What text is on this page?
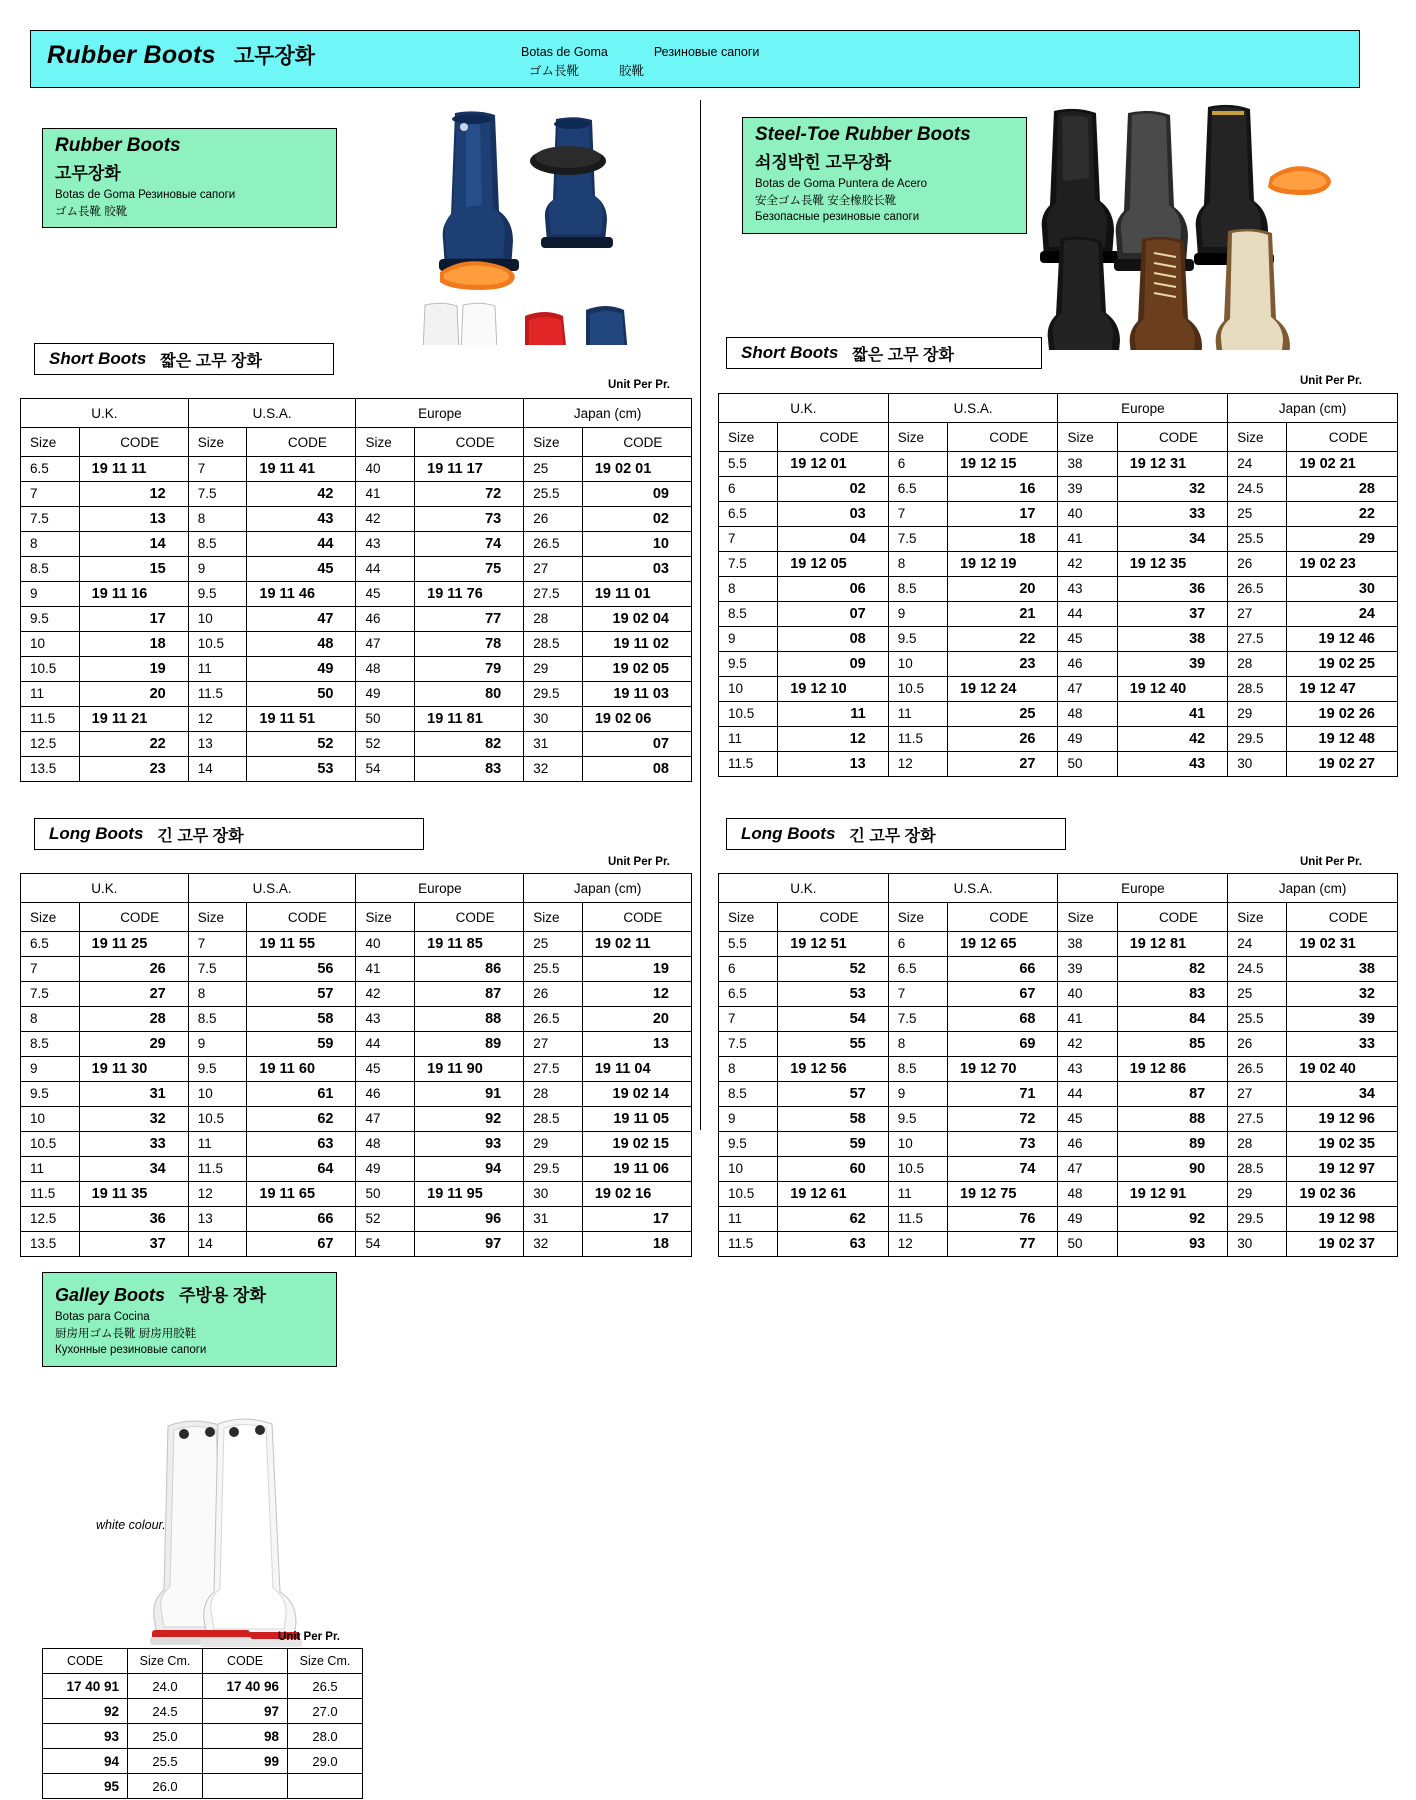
Rubber Boots 고무장화	Botas de Goma	Резиновые сапоги
ゴム長靴	胶靴
Rubber Boots
고무장화
Botas de Goma Резиновые сапоги
ゴム長靴 胶靴
Steel-Toe Rubber Boots
쇠징박힌 고무장화
Botas de Goma Puntera de Acero
安全ゴム長靴 安全橡胶长靴
Безопасные резиновые сапоги
Short Boots 짧은 고무 장화
Unit Per Pr.
U.K.		U.S.A.		Europe		Japan (cm)	
Size	CODE	Size	CODE	Size	CODE	Size	CODE
6.5	19 11 11	7	19 11 41	40	19 11 17	25	19 02 01
7	12	7.5	42	41	72	25.5	09
7.5	13	8	43	42	73	26	02
8	14	8.5	44	43	74	26.5	10
8.5	15	9	45	44	75	27	03
9	19 11 16	9.5	19 11 46	45	19 11 76	27.5	19 11 01
9.5	17	10	47	46	77	28	19 02 04
10	18	10.5	48	47	78	28.5	19 11 02
10.5	19	11	49	48	79	29	19 02 05
11	20	11.5	50	49	80	29.5	19 11 03
11.5	19 11 21	12	19 11 51	50	19 11 81	30	19 02 06
12.5	22	13	52	52	82	31	07
13.5	23	14	53	54	83	32	08
Short Boots 짧은 고무 장화
Unit Per Pr.
U.K.		U.S.A.		Europe		Japan (cm)	
Size	CODE	Size	CODE	Size	CODE	Size	CODE
5.5	19 12 01	6	19 12 15	38	19 12 31	24	19 02 21
6	02	6.5	16	39	32	24.5	28
6.5	03	7	17	40	33	25	22
7	04	7.5	18	41	34	25.5	29
7.5	19 12 05	8	19 12 19	42	19 12 35	26	19 02 23
8	06	8.5	20	43	36	26.5	30
8.5	07	9	21	44	37	27	24
9	08	9.5	22	45	38	27.5	19 12 46
9.5	09	10	23	46	39	28	19 02 25
10	19 12 10	10.5	19 12 24	47	19 12 40	28.5	19 12 47
10.5	11	11	25	48	41	29	19 02 26
11	12	11.5	26	49	42	29.5	19 12 48
11.5	13	12	27	50	43	30	19 02 27
Long Boots 긴 고무 장화
Unit Per Pr.
U.K.		U.S.A.		Europe		Japan (cm)	
Size	CODE	Size	CODE	Size	CODE	Size	CODE
6.5	19 11 25	7	19 11 55	40	19 11 85	25	19 02 11
7	26	7.5	56	41	86	25.5	19
7.5	27	8	57	42	87	26	12
8	28	8.5	58	43	88	26.5	20
8.5	29	9	59	44	89	27	13
9	19 11 30	9.5	19 11 60	45	19 11 90	27.5	19 11 04
9.5	31	10	61	46	91	28	19 02 14
10	32	10.5	62	47	92	28.5	19 11 05
10.5	33	11	63	48	93	29	19 02 15
11	34	11.5	64	49	94	29.5	19 11 06
11.5	19 11 35	12	19 11 65	50	19 11 95	30	19 02 16
12.5	36	13	66	52	96	31	17
13.5	37	14	67	54	97	32	18
Long Boots 긴 고무 장화
Unit Per Pr.
U.K.		U.S.A.		Europe		Japan (cm)	
Size	CODE	Size	CODE	Size	CODE	Size	CODE
5.5	19 12 51	6	19 12 65	38	19 12 81	24	19 02 31
6	52	6.5	66	39	82	24.5	38
6.5	53	7	67	40	83	25	32
7	54	7.5	68	41	84	25.5	39
7.5	55	8	69	42	85	26	33
8	19 12 56	8.5	19 12 70	43	19 12 86	26.5	19 02 40
8.5	57	9	71	44	87	27	34
9	58	9.5	72	45	88	27.5	19 12 96
9.5	59	10	73	46	89	28	19 02 35
10	60	10.5	74	47	90	28.5	19 12 97
10.5	19 12 61	11	19 12 75	48	19 12 91	29	19 02 36
11	62	11.5	76	49	92	29.5	19 12 98
11.5	63	12	77	50	93	30	19 02 37
Galley Boots 주방용 장화
Botas para Cocina
厨房用ゴム長靴 厨房用胶鞋
Кухонные резиновые сапоги
white colour.
Unit Per Pr.
CODE	Size Cm.	CODE	Size Cm.
17 40 91	24.0	17 40 96	26.5
92	24.5	97	27.0
93	25.0	98	28.0
94	25.5	99	29.0
95	26.0		
